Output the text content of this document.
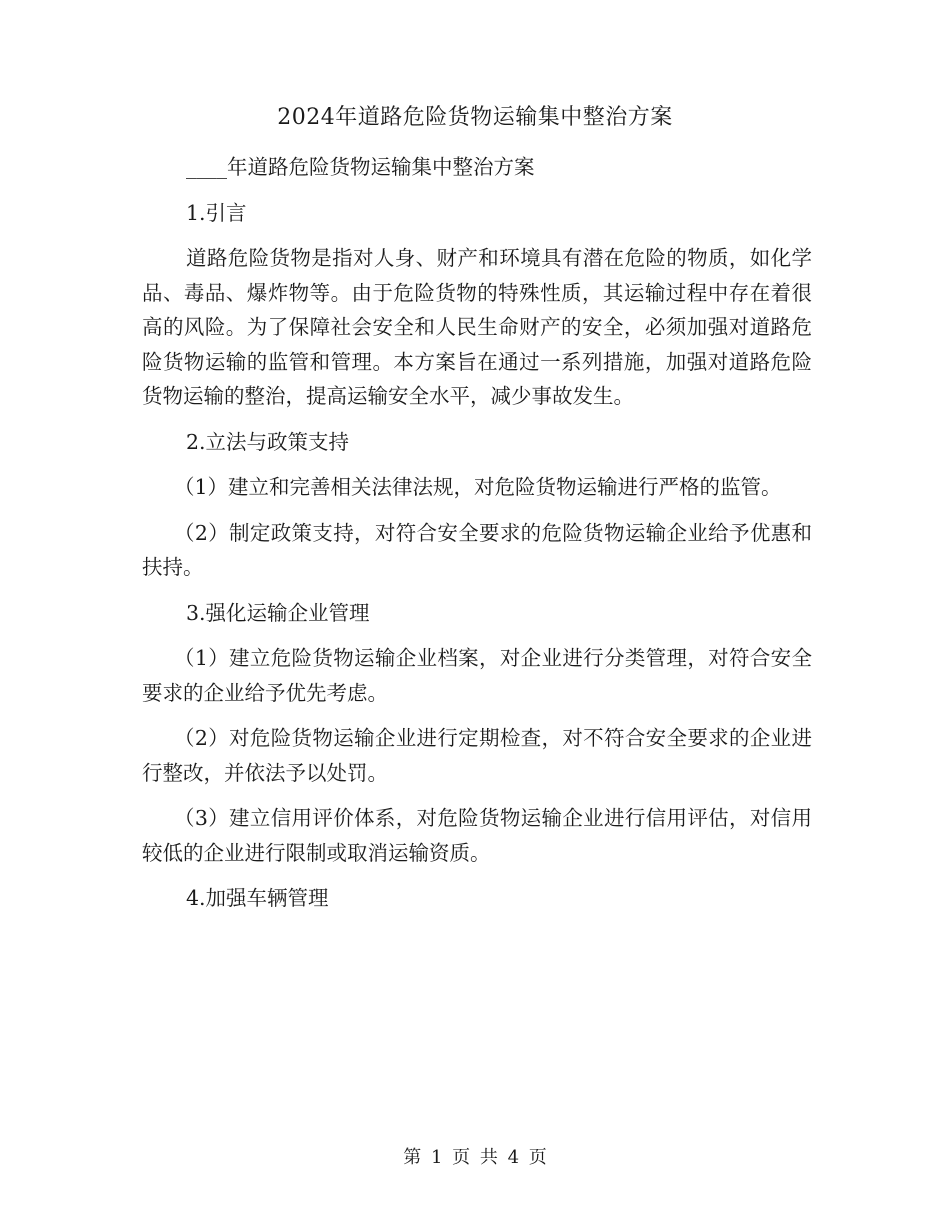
2024年道路危险货物运输集中整治方案

____年道路危险货物运输集中整治方案

1.引言

道路危险货物是指对人身、财产和环境具有潜在危险的物质，如化学品、毒品、爆炸物等。由于危险货物的特殊性质，其运输过程中存在着很高的风险。为了保障社会安全和人民生命财产的安全，必须加强对道路危险货物运输的监管和管理。本方案旨在通过一系列措施，加强对道路危险货物运输的整治，提高运输安全水平，减少事故发生。

2.立法与政策支持

（1）建立和完善相关法律法规，对危险货物运输进行严格的监管。

（2）制定政策支持，对符合安全要求的危险货物运输企业给予优惠和扶持。

3.强化运输企业管理

（1）建立危险货物运输企业档案，对企业进行分类管理，对符合安全要求的企业给予优先考虑。

（2）对危险货物运输企业进行定期检查，对不符合安全要求的企业进行整改，并依法予以处罚。

（3）建立信用评价体系，对危险货物运输企业进行信用评估，对信用较低的企业进行限制或取消运输资质。

4.加强车辆管理

第 1 页 共 4 页
